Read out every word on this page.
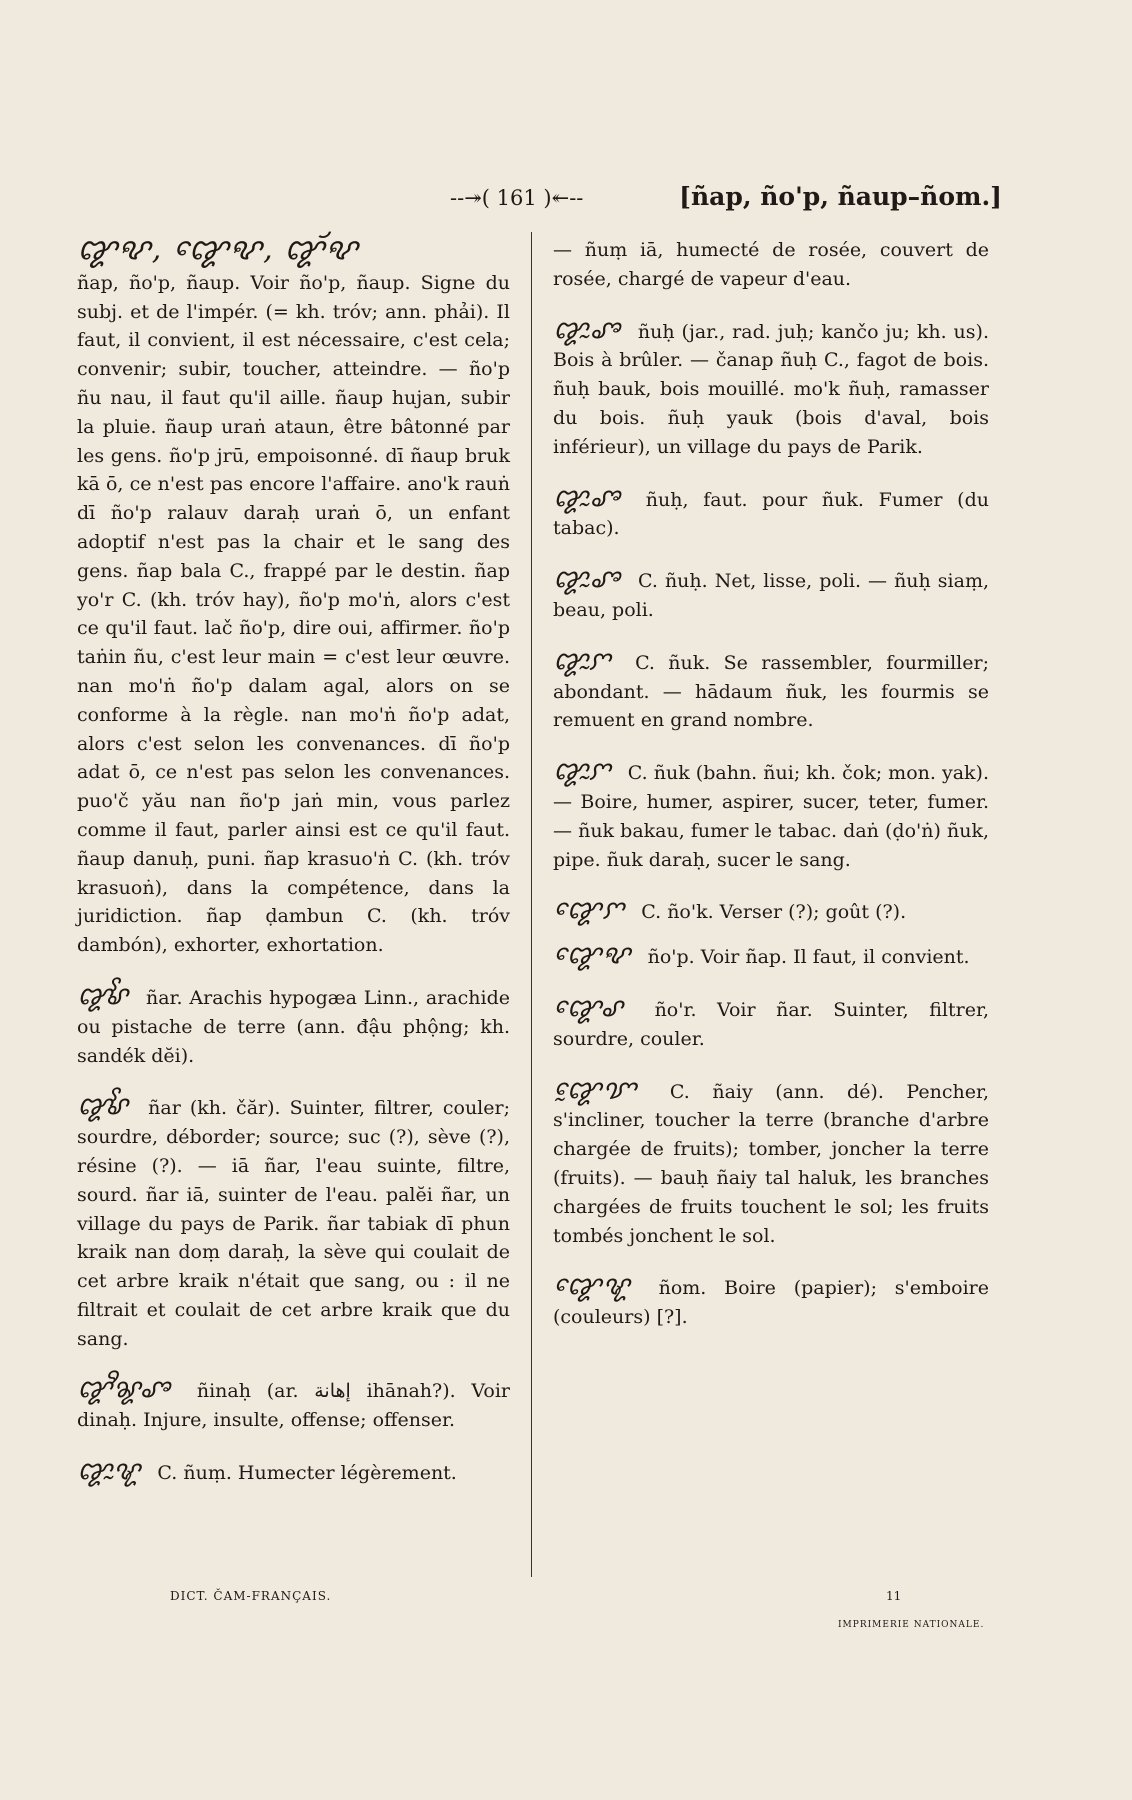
--↠( 161 )↞--	[ñap, ño'p, ñaup–ñom.]
ꨑꨦ, ꨑꨯꨦ, ꨑꨮꨦ
ñap, ño'p, ñaup. Voir ño'p, ñaup. Signe du subj. et de l'impér. (= kh. tróv; ann. phải). Il faut, il convient, il est nécessaire, c'est cela; convenir; subir, toucher, atteindre. — ño'p ñu nau, il faut qu'il aille. ñaup hujan, subir la pluie. ñaup uraṅ ataun, être bâtonné par les gens. ño'p jrū, empoisonné. dī ñaup bruk kā ō, ce n'est pas encore l'affaire. ano'k rauṅ dī ño'p ralauv daraḥ uraṅ ō, un enfant adoptif n'est pas la chair et le sang des gens. ñap bala C., frappé par le destin. ñap yo'r C. (kh. tróv hay), ño'p mo'ṅ, alors c'est ce qu'il faut. lač ño'p, dire oui, affirmer. ño'p taṅin ñu, c'est leur main = c'est leur œuvre. nan mo'ṅ ño'p dalam agal, alors on se conforme à la règle. nan mo'ṅ ño'p adat, alors c'est selon les convenances. dī ño'p adat ō, ce n'est pas selon les convenances. puo'č yău nan ño'p jaṅ min, vous parlez comme il faut, parler ainsi est ce qu'il faut. ñaup danuḥ, puni. ñap krasuo'ṅ C. (kh. tróv krasuoṅ), dans la compétence, dans la juridiction. ñap ḍambun C. (kh. tróv dambón), exhorter, exhortation.
ꨑꨩꨣ ñar. Arachis hypogæa Linn., arachide ou pistache de terre (ann. đậu phộng; kh. sandék dĕi).
ꨑꨩꨣ ñar (kh. čăr). Suinter, filtrer, couler; sourdre, déborder; source; suc (?), sève (?), résine (?). — iā ñar, l'eau suinte, filtre, sourd. ñar iā, suinter de l'eau. palĕi ñar, un village du pays de Parik. ñar tabiak dī phun kraik nan doṃ daraḥ, la sève qui coulait de cet arbre kraik n'était que sang, ou : il ne filtrait et coulait de cet arbre kraik que du sang.
ꨑꨪꨘꨨ ñinaḥ (ar. إهانة ihānah?). Voir dinaḥ. Injure, insulte, offense; offenser.
ꨑꨭꨠ C. ñuṃ. Humecter légèrement.
— ñuṃ iā, humecté de rosée, couvert de rosée, chargé de vapeur d'eau.
ꨑꨭꨨ ñuḥ (jar., rad. juḥ; kančo ju; kh. us). Bois à brûler. — čanap ñuḥ C., fagot de bois. ñuḥ bauk, bois mouillé. mo'k ñuḥ, ramasser du bois. ñuḥ yauk (bois d'aval, bois inférieur), un village du pays de Parik.
ꨑꨭꨨ ñuḥ, faut. pour ñuk. Fumer (du tabac).
ꨑꨭꨨ C. ñuḥ. Net, lisse, poli. — ñuḥ siaṃ, beau, poli.
ꨑꨭꨆ C. ñuk. Se rassembler, fourmiller; abondant. — hādaum ñuk, les fourmis se remuent en grand nombre.
ꨑꨭꨆ C. ñuk (bahn. ñui; kh. čok; mon. yak). — Boire, humer, aspirer, sucer, teter, fumer. — ñuk bakau, fumer le tabac. daṅ (ḍo'ṅ) ñuk, pipe. ñuk daraḥ, sucer le sang.
ꨑꨯꨆ C. ño'k. Verser (?); goût (?).
ꨑꨯꨦ ño'p. Voir ñap. Il faut, il convient.
ꨑꨯꨣ ño'r. Voir ñar. Suinter, filtrer, sourdre, couler.
ꨑꨰꨢ C. ñaiy (ann. dé). Pencher, s'incliner, toucher la terre (branche d'arbre chargée de fruits); tomber, joncher la terre (fruits). — bauḥ ñaiy tal haluk, les branches chargées de fruits touchent le sol; les fruits tombés jonchent le sol.
ꨑꨯꨠ ñom. Boire (papier); s'emboire (couleurs) [?].
DICT. ČAM-FRANÇAIS.	11
IMPRIMERIE NATIONALE.
